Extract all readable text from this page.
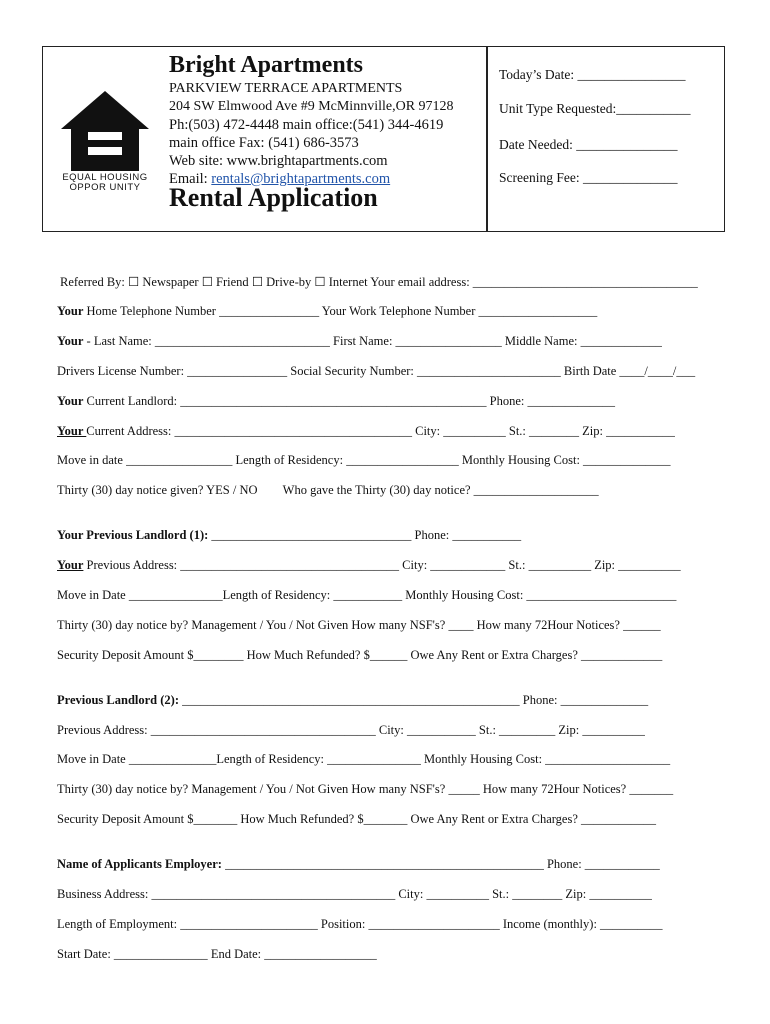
EQUAL HOUSING
OPPOR UNITY
Bright Apartments
PARKVIEW TERRACE APARTMENTS
204 SW Elmwood Ave #9 McMinnville,OR 97128
Ph:(503) 472-4448 main office:(541) 344-4619
main office Fax: (541) 686-3573
Web site: www.brightapartments.com
Email: rentals@brightapartments.com
Rental Application
Today’s Date: ________________
Unit Type Requested:___________
Date Needed: _______________
Screening Fee: ______________
Referred By: ☐ Newspaper ☐ Friend ☐ Drive-by ☐ Internet Your email address: ____________________________________
Your Home Telephone Number ________________ Your Work Telephone Number ___________________
Your - Last Name: ____________________________ First Name: _________________ Middle Name: _____________
Drivers License Number: ________________ Social Security Number: _______________________ Birth Date ____/____/___
Your Current Landlord: _________________________________________________ Phone: ______________
Your Current Address: ______________________________________ City: __________ St.: ________ Zip: ___________
Move in date _________________ Length of Residency: __________________ Monthly Housing Cost: ______________
Thirty (30) day notice given? YES / NO Who gave the Thirty (30) day notice? ____________________
Your Previous Landlord (1): ________________________________ Phone: ___________
Your Previous Address: ___________________________________ City: ____________ St.: __________ Zip: __________
Move in Date _______________Length of Residency: ___________ Monthly Housing Cost: ________________________
Thirty (30) day notice by? Management / You / Not Given How many NSF's? ____ How many 72Hour Notices? ______
Security Deposit Amount $________ How Much Refunded? $______ Owe Any Rent or Extra Charges? _____________
Previous Landlord (2): ______________________________________________________ Phone: ______________
Previous Address: ____________________________________ City: ___________ St.: _________ Zip: __________
Move in Date ______________Length of Residency: _______________ Monthly Housing Cost: ____________________
Thirty (30) day notice by? Management / You / Not Given How many NSF's? _____ How many 72Hour Notices? _______
Security Deposit Amount $_______ How Much Refunded? $_______ Owe Any Rent or Extra Charges? ____________
Name of Applicants Employer: ___________________________________________________ Phone: ____________
Business Address: _______________________________________ City: __________ St.: ________ Zip: __________
Length of Employment: ______________________ Position: _____________________ Income (monthly): __________
Start Date: _______________ End Date: __________________
